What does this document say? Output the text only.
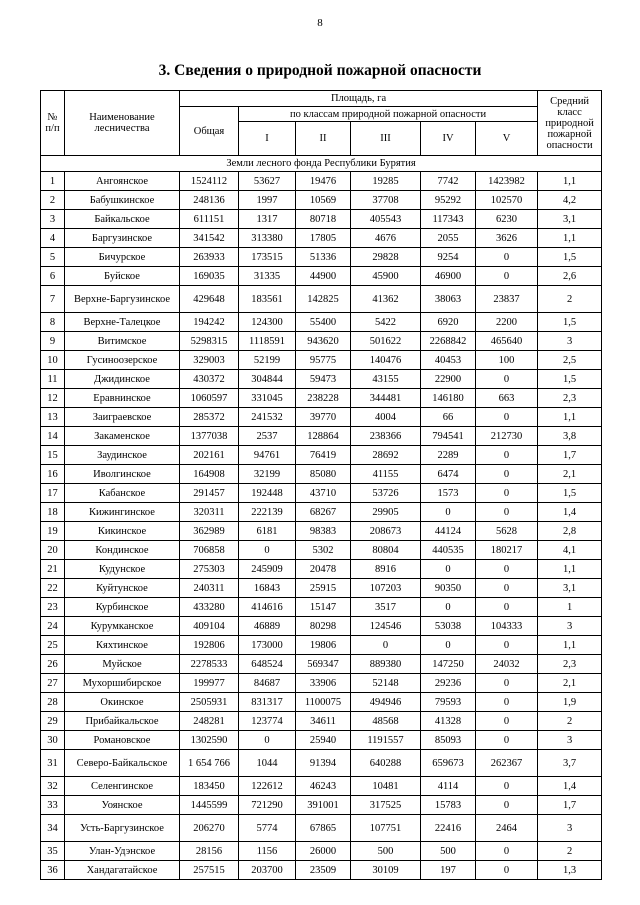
8
3. Сведения о природной пожарной опасности
№ п/п	Наименование лесничества	Площадь, га						Средний класс природной пожарной опасности
		Общая	по классам природной пожарной опасности					
			I	II	III	IV	V	
Земли лесного фонда Республики Бурятия								
1	Ангоянское	1524112	53627	19476	19285	7742	1423982	1,1
2	Бабушкинское	248136	1997	10569	37708	95292	102570	4,2
3	Байкальское	611151	1317	80718	405543	117343	6230	3,1
4	Баргузинское	341542	313380	17805	4676	2055	3626	1,1
5	Бичурское	263933	173515	51336	29828	9254	0	1,5
6	Буйское	169035	31335	44900	45900	46900	0	2,6
7	Верхне-Баргузинское	429648	183561	142825	41362	38063	23837	2
8	Верхне-Талецкое	194242	124300	55400	5422	6920	2200	1,5
9	Витимское	5298315	1118591	943620	501622	2268842	465640	3
10	Гусиноозерское	329003	52199	95775	140476	40453	100	2,5
11	Джидинское	430372	304844	59473	43155	22900	0	1,5
12	Еравнинское	1060597	331045	238228	344481	146180	663	2,3
13	Заиграевское	285372	241532	39770	4004	66	0	1,1
14	Закаменское	1377038	2537	128864	238366	794541	212730	3,8
15	Заудинское	202161	94761	76419	28692	2289	0	1,7
16	Иволгинское	164908	32199	85080	41155	6474	0	2,1
17	Кабанское	291457	192448	43710	53726	1573	0	1,5
18	Кижингинское	320311	222139	68267	29905	0	0	1,4
19	Кикинское	362989	6181	98383	208673	44124	5628	2,8
20	Кондинское	706858	0	5302	80804	440535	180217	4,1
21	Кудунское	275303	245909	20478	8916	0	0	1,1
22	Куйтунское	240311	16843	25915	107203	90350	0	3,1
23	Курбинское	433280	414616	15147	3517	0	0	1
24	Курумканское	409104	46889	80298	124546	53038	104333	3
25	Кяхтинское	192806	173000	19806	0	0	0	1,1
26	Муйское	2278533	648524	569347	889380	147250	24032	2,3
27	Мухоршибирское	199977	84687	33906	52148	29236	0	2,1
28	Окинское	2505931	831317	1100075	494946	79593	0	1,9
29	Прибайкальское	248281	123774	34611	48568	41328	0	2
30	Романовское	1302590	0	25940	1191557	85093	0	3
31	Северо-Байкальское	1 654 766	1044	91394	640288	659673	262367	3,7
32	Селенгинское	183450	122612	46243	10481	4114	0	1,4
33	Уоянское	1445599	721290	391001	317525	15783	0	1,7
34	Усть-Баргузинское	206270	5774	67865	107751	22416	2464	3
35	Улан-Удэнское	28156	1156	26000	500	500	0	2
36	Хандагатайское	257515	203700	23509	30109	197	0	1,3
